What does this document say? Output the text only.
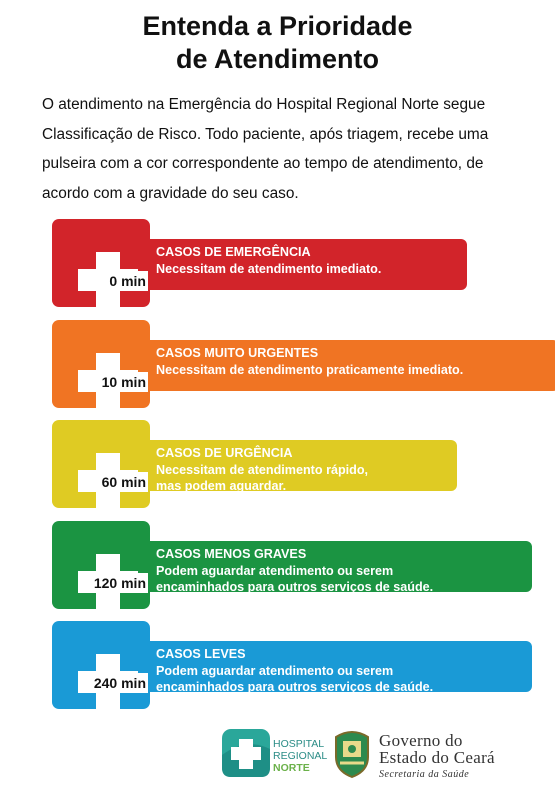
Entenda a Prioridade
de Atendimento
O atendimento na Emergência do Hospital Regional Norte segue Classificação de Risco. Todo paciente, após triagem, recebe uma pulseira com a cor correspondente ao tempo de atendimento, de acordo com a gravidade do seu caso.
0 min
CASOS DE EMERGÊNCIA
Necessitam de atendimento imediato.
10 min
CASOS MUITO URGENTES
Necessitam de atendimento praticamente imediato.
60 min
CASOS DE URGÊNCIA
Necessitam de atendimento rápido,
mas podem aguardar.
120 min
CASOS MENOS GRAVES
Podem aguardar atendimento ou serem
encaminhados para outros serviços de saúde.
240 min
CASOS LEVES
Podem aguardar atendimento ou serem
encaminhados para outros serviços de saúde.
HOSPITAL
REGIONAL
NORTE
Governo do
Estado do Ceará
Secretaria da Saúde
